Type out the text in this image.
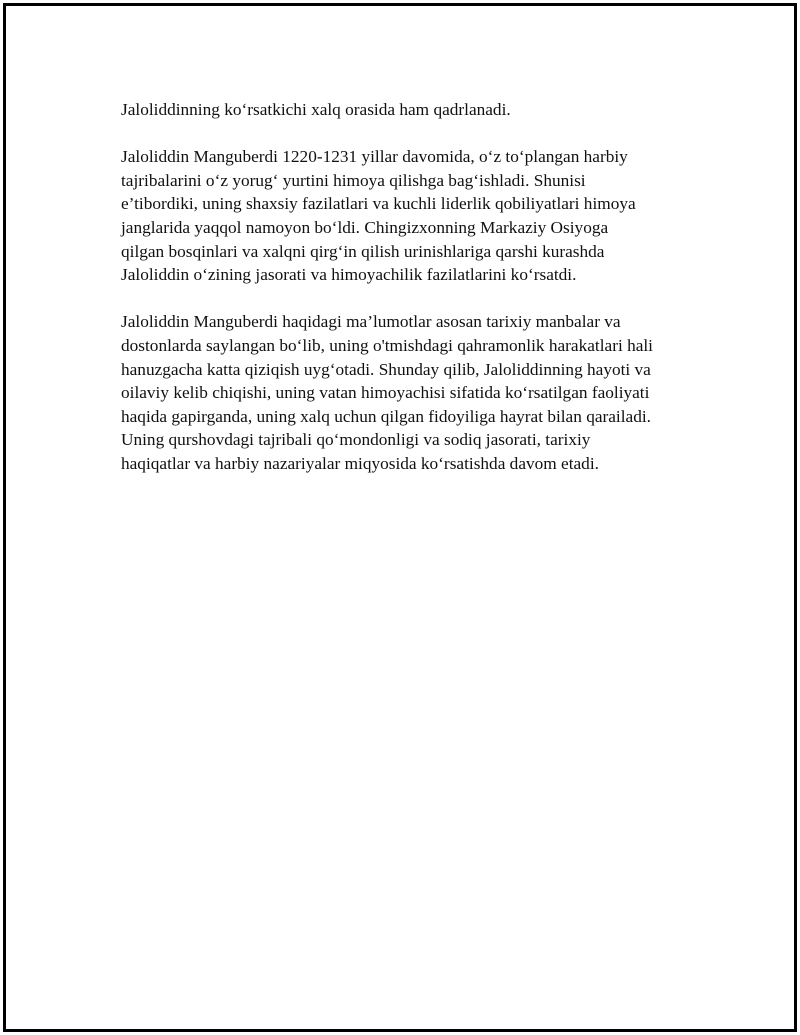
Jaloliddinning ko‘rsatkichi xalq orasida ham qadrlanadi.

Jaloliddin Manguberdi 1220-1231 yillar davomida, o‘z to‘plangan harbiy
tajribalarini o‘z yorug‘ yurtini himoya qilishga bag‘ishladi. Shunisi
e’tibordiki, uning shaxsiy fazilatlari va kuchli liderlik qobiliyatlari himoya
janglarida yaqqol namoyon bo‘ldi. Chingizxonning Markaziy Osiyoga
qilgan bosqinlari va xalqni qirg‘in qilish urinishlariga qarshi kurashda
Jaloliddin o‘zining jasorati va himoyachilik fazilatlarini ko‘rsatdi.

Jaloliddin Manguberdi haqidagi ma’lumotlar asosan tarixiy manbalar va
dostonlarda saylangan bo‘lib, uning o'tmishdagi qahramonlik harakatlari hali
hanuzgacha katta qiziqish uyg‘otadi. Shunday qilib, Jaloliddinning hayoti va
oilaviy kelib chiqishi, uning vatan himoyachisi sifatida ko‘rsatilgan faoliyati
haqida gapirganda, uning xalq uchun qilgan fidoyiliga hayrat bilan qarailadi.
Uning qurshovdagi tajribali qo‘mondonligi va sodiq jasorati, tarixiy
haqiqatlar va harbiy nazariyalar miqyosida ko‘rsatishda davom etadi.
